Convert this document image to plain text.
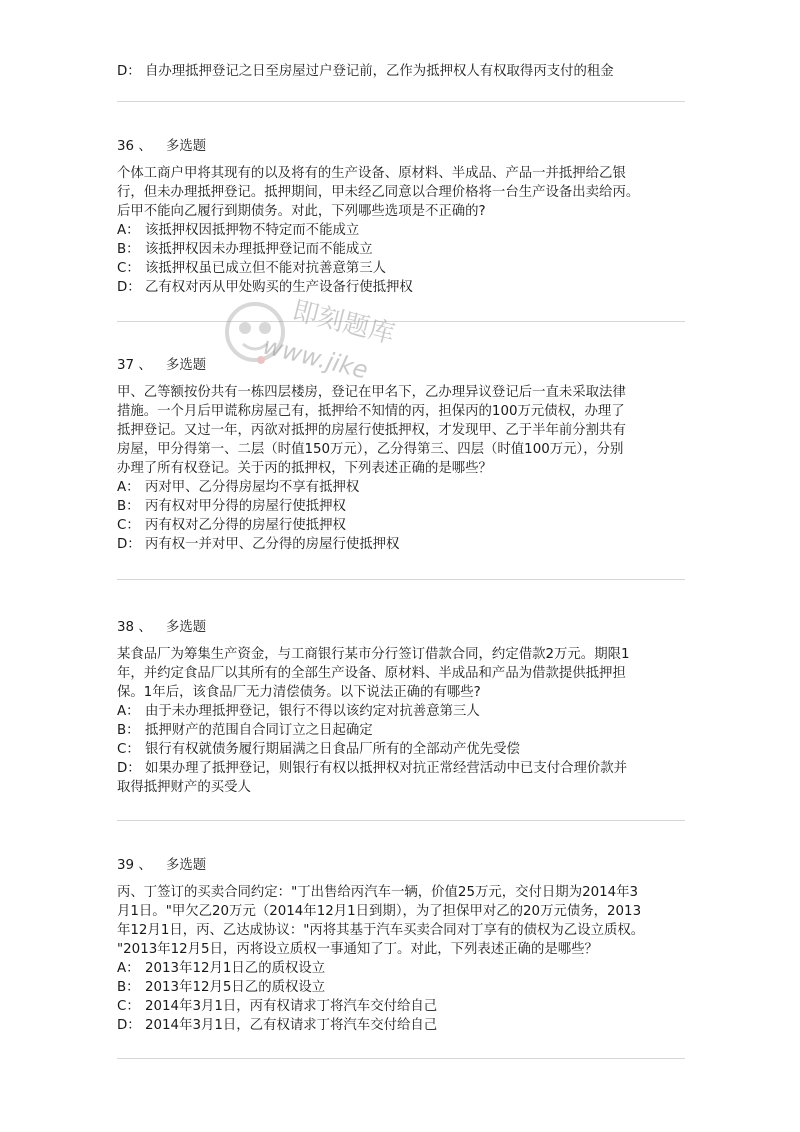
D： 自办理抵押登记之日至房屋过户登记前，乙作为抵押权人有权取得丙支付的租金
36 、 多选题
个体工商户甲将其现有的以及将有的生产设备、原材料、半成品、产品一并抵押给乙银
行，但未办理抵押登记。抵押期间，甲未经乙同意以合理价格将一台生产设备出卖给丙。
后甲不能向乙履行到期债务。对此，下列哪些选项是不正确的?
A： 该抵押权因抵押物不特定而不能成立
B： 该抵押权因未办理抵押登记而不能成立
C： 该抵押权虽已成立但不能对抗善意第三人
D： 乙有权对丙从甲处购买的生产设备行使抵押权
37 、 多选题
甲、乙等额按份共有一栋四层楼房，登记在甲名下，乙办理异议登记后一直未采取法律
措施。一个月后甲谎称房屋己有，抵押给不知情的丙，担保丙的100万元债权，办理了
抵押登记。又过一年，丙欲对抵押的房屋行使抵押权，才发现甲、乙于半年前分割共有
房屋，甲分得第一、二层（时值150万元），乙分得第三、四层（时值100万元），分别
办理了所有权登记。关于丙的抵押权，下列表述正确的是哪些？
A： 丙对甲、乙分得房屋均不享有抵押权
B： 丙有权对甲分得的房屋行使抵押权
C： 丙有权对乙分得的房屋行使抵押权
D： 丙有权一并对甲、乙分得的房屋行使抵押权
38 、 多选题
某食品厂为筹集生产资金，与工商银行某市分行签订借款合同，约定借款2万元。期限1
年，并约定食品厂以其所有的全部生产设备、原材料、半成品和产品为借款提供抵押担
保。1年后，该食品厂无力清偿债务。以下说法正确的有哪些?
A： 由于未办理抵押登记，银行不得以该约定对抗善意第三人
B： 抵押财产的范围自合同订立之日起确定
C： 银行有权就债务履行期届满之日食品厂所有的全部动产优先受偿
D： 如果办理了抵押登记，则银行有权以抵押权对抗正常经营活动中已支付合理价款并
取得抵押财产的买受人
39 、 多选题
丙、丁签订的买卖合同约定："丁出售给丙汽车一辆，价值25万元，交付日期为2014年3
月1日。"甲欠乙20万元（2014年12月1日到期），为了担保甲对乙的20万元债务，2013
年12月1日，丙、乙达成协议："丙将其基于汽车买卖合同对丁享有的债权为乙设立质权。
"2013年12月5日，丙将设立质权一事通知了丁。对此，下列表述正确的是哪些？
A： 2013年12月1日乙的质权设立
B： 2013年12月5日乙的质权设立
C： 2014年3月1日，丙有权请求丁将汽车交付给自己
D： 2014年3月1日，乙有权请求丁将汽车交付给自己
即刻题库
www.jike
